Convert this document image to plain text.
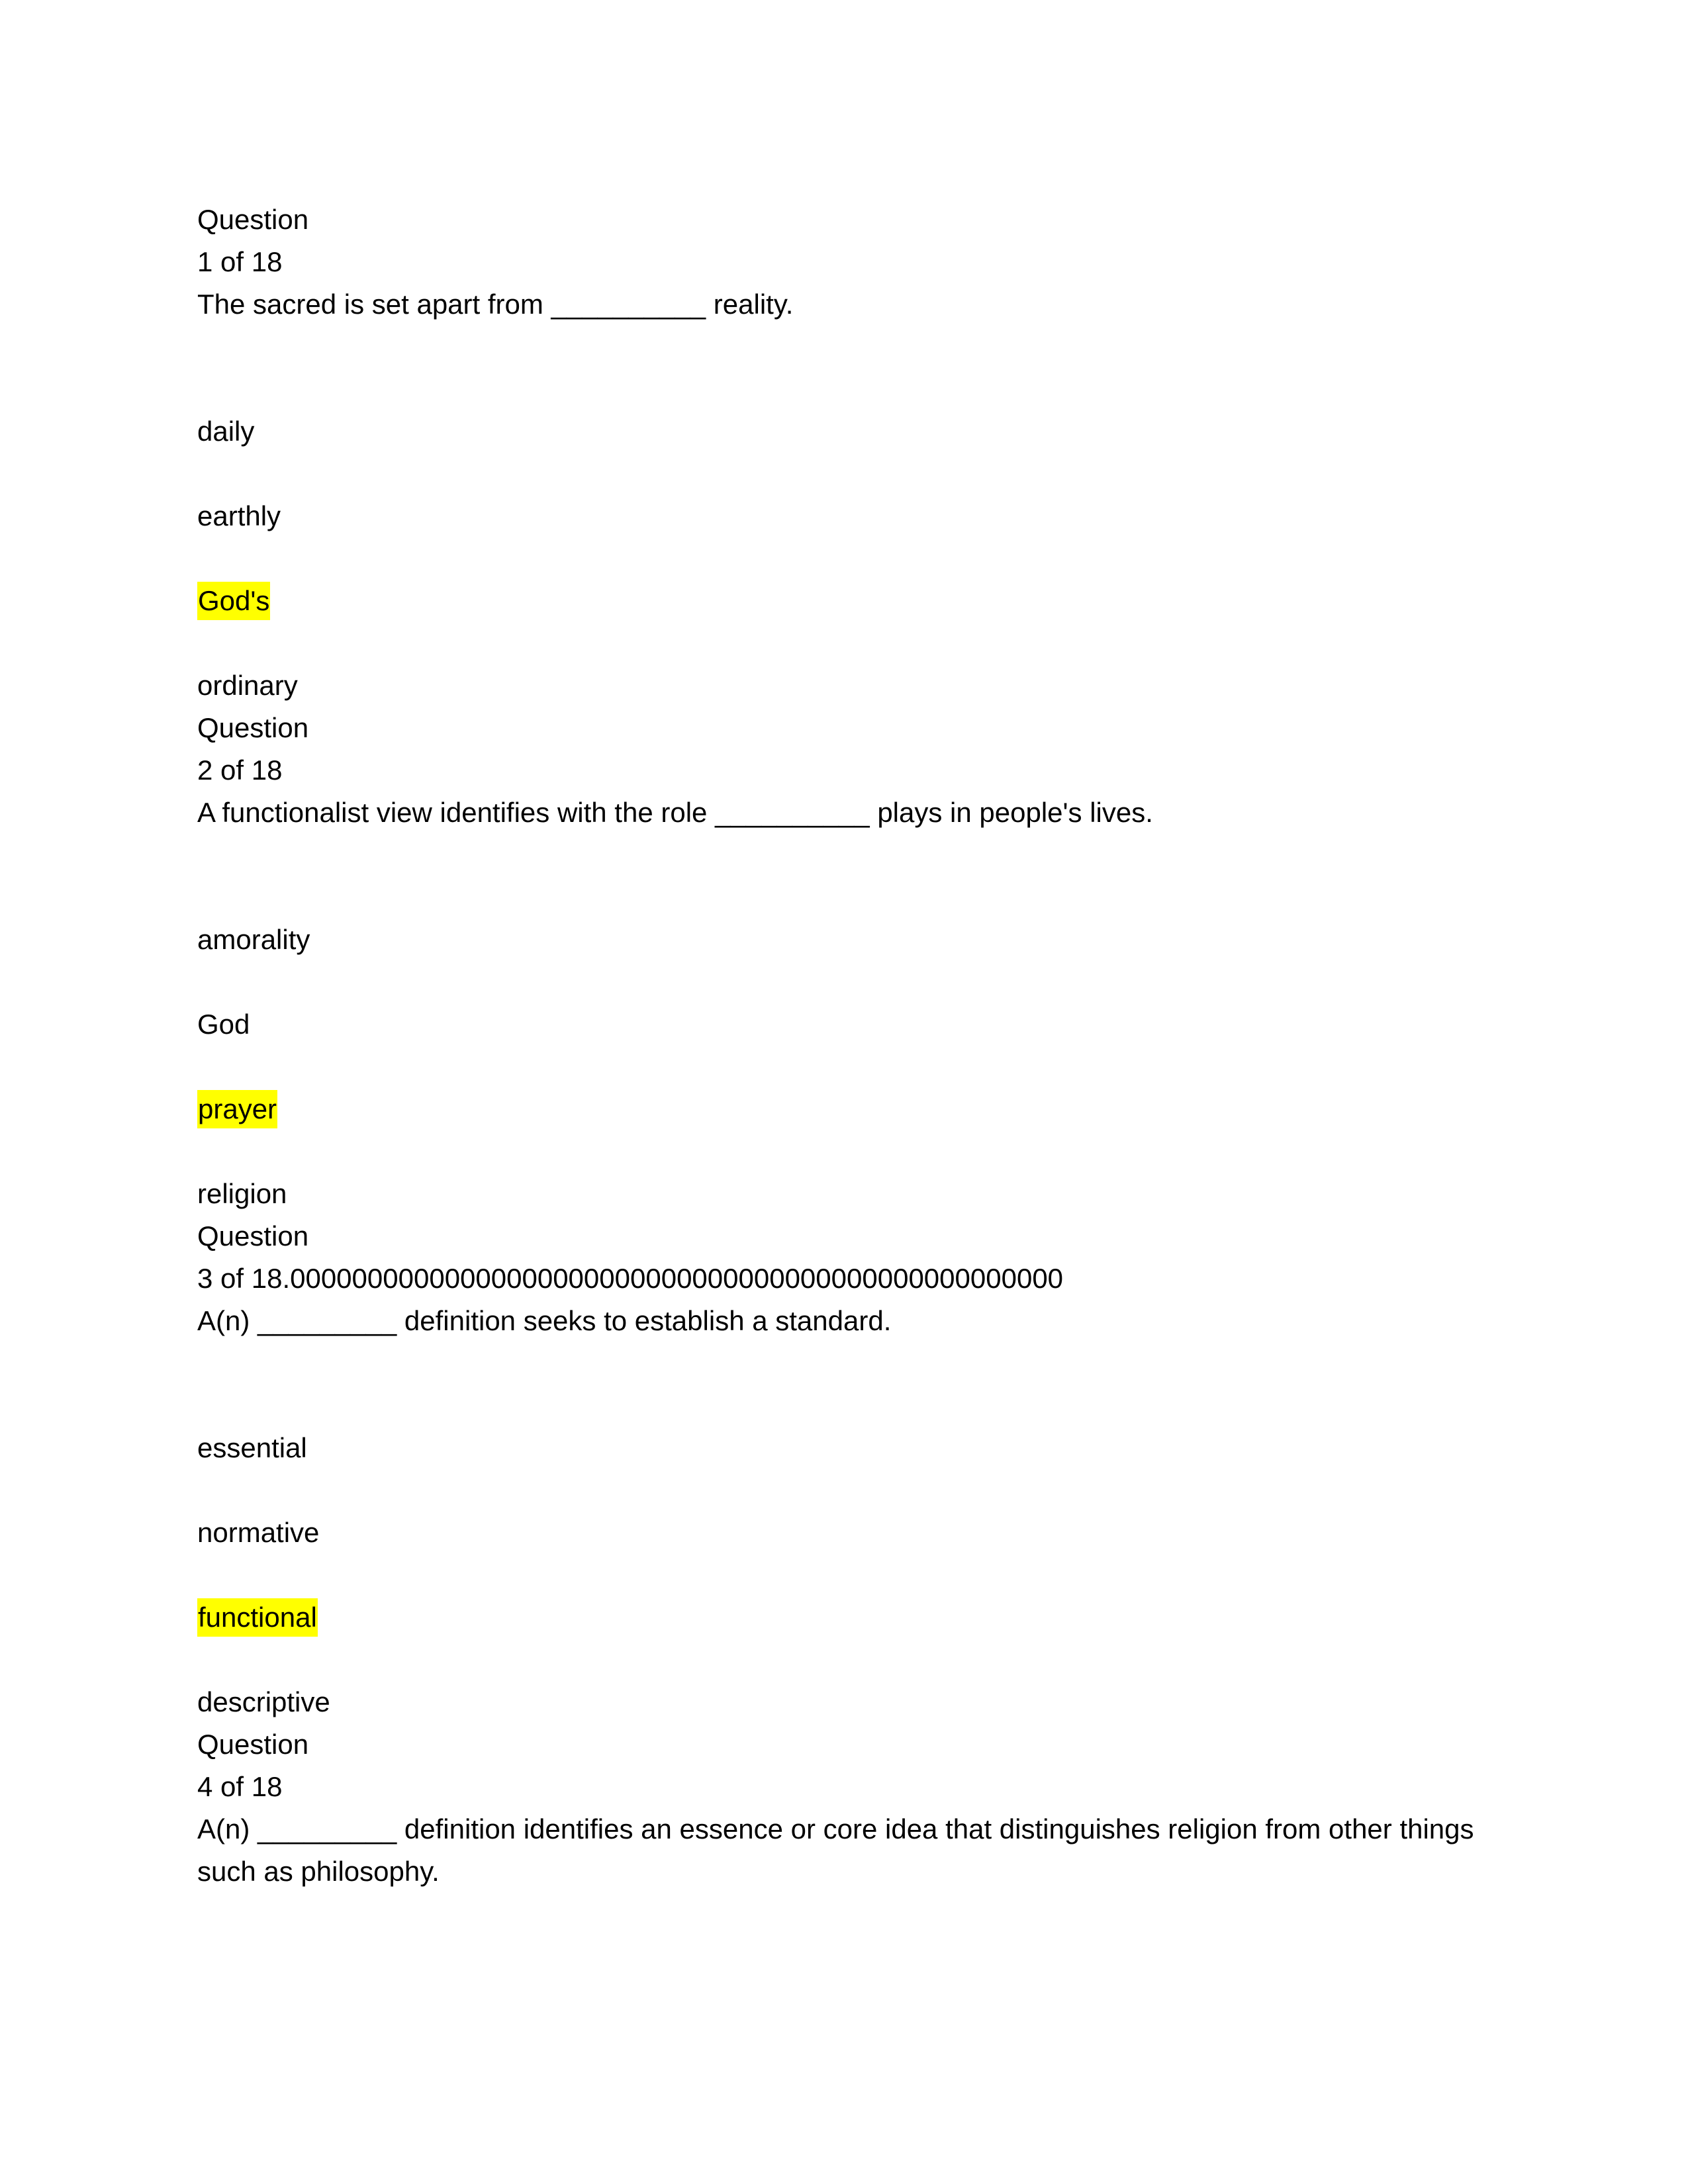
Question
1 of 18
The sacred is set apart from __________ reality.
daily
earthly
God's
ordinary
Question
2 of 18
A functionalist view identifies with the role __________ plays in people's lives.
amorality
God
prayer
religion
Question
3 of 18.00000000000000000000000000000000000000000000000000
A(n) _________ definition seeks to establish a standard.
essential
normative
functional
descriptive
Question
4 of 18
A(n) _________ definition identifies an essence or core idea that distinguishes religion from other things such as philosophy.
